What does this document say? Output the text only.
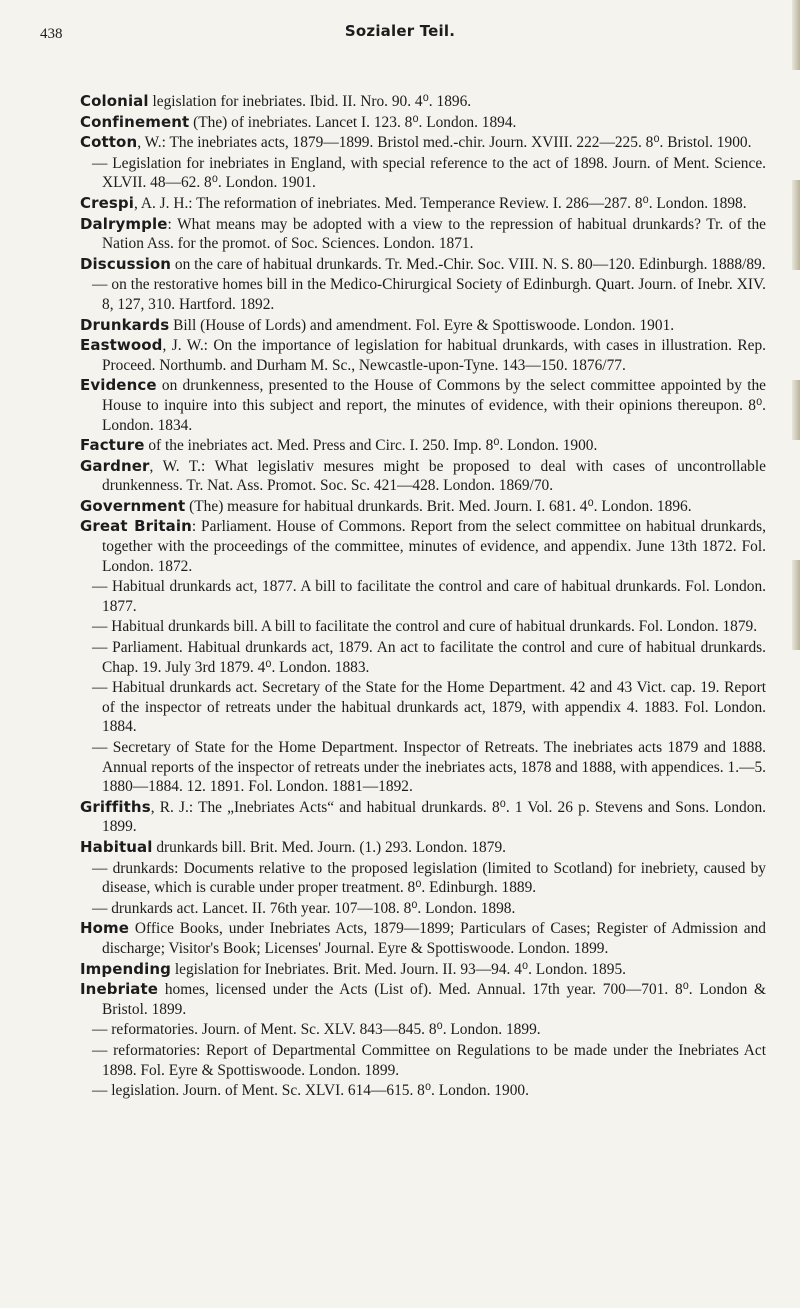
438	Sozialer Teil.
Colonial legislation for inebriates. Ibid. II. Nro. 90. 4⁰. 1896.
Confinement (The) of inebriates. Lancet I. 123. 8⁰. London. 1894.
Cotton, W.: The inebriates acts, 1879—1899. Bristol med.-chir. Journ. XVIII. 222—225. 8⁰. Bristol. 1900.
— Legislation for inebriates in England, with special reference to the act of 1898. Journ. of Ment. Science. XLVII. 48—62. 8⁰. London. 1901.
Crespi, A. J. H.: The reformation of inebriates. Med. Temperance Review. I. 286—287. 8⁰. London. 1898.
Dalrymple: What means may be adopted with a view to the repression of habitual drunkards? Tr. of the Nation Ass. for the promot. of Soc. Sciences. London. 1871.
Discussion on the care of habitual drunkards. Tr. Med.-Chir. Soc. VIII. N. S. 80—120. Edinburgh. 1888/89.
— on the restorative homes bill in the Medico-Chirurgical Society of Edinburgh. Quart. Journ. of Inebr. XIV. 8, 127, 310. Hartford. 1892.
Drunkards Bill (House of Lords) and amendment. Fol. Eyre & Spottiswoode. London. 1901.
Eastwood, J. W.: On the importance of legislation for habitual drunkards, with cases in illustration. Rep. Proceed. Northumb. and Durham M. Sc., Newcastle-upon-Tyne. 143—150. 1876/77.
Evidence on drunkenness, presented to the House of Commons by the select committee appointed by the House to inquire into this subject and report, the minutes of evidence, with their opinions thereupon. 8⁰. London. 1834.
Facture of the inebriates act. Med. Press and Circ. I. 250. Imp. 8⁰. London. 1900.
Gardner, W. T.: What legislativ mesures might be proposed to deal with cases of uncontrollable drunkenness. Tr. Nat. Ass. Promot. Soc. Sc. 421—428. London. 1869/70.
Government (The) measure for habitual drunkards. Brit. Med. Journ. I. 681. 4⁰. London. 1896.
Great Britain: Parliament. House of Commons. Report from the select committee on habitual drunkards, together with the proceedings of the committee, minutes of evidence, and appendix. June 13th 1872. Fol. London. 1872.
— Habitual drunkards act, 1877. A bill to facilitate the control and care of habitual drunkards. Fol. London. 1877.
— Habitual drunkards bill. A bill to facilitate the control and cure of habitual drunkards. Fol. London. 1879.
— Parliament. Habitual drunkards act, 1879. An act to facilitate the control and cure of habitual drunkards. Chap. 19. July 3rd 1879. 4⁰. London. 1883.
— Habitual drunkards act. Secretary of the State for the Home Department. 42 and 43 Vict. cap. 19. Report of the inspector of retreats under the habitual drunkards act, 1879, with appendix 4. 1883. Fol. London. 1884.
— Secretary of State for the Home Department. Inspector of Retreats. The inebriates acts 1879 and 1888. Annual reports of the inspector of retreats under the inebriates acts, 1878 and 1888, with appendices. 1.—5. 1880—1884. 12. 1891. Fol. London. 1881—1892.
Griffiths, R. J.: The „Inebriates Acts“ and habitual drunkards. 8⁰. 1 Vol. 26 p. Stevens and Sons. London. 1899.
Habitual drunkards bill. Brit. Med. Journ. (1.) 293. London. 1879.
— drunkards: Documents relative to the proposed legislation (limited to Scotland) for inebriety, caused by disease, which is curable under proper treatment. 8⁰. Edinburgh. 1889.
— drunkards act. Lancet. II. 76th year. 107—108. 8⁰. London. 1898.
Home Office Books, under Inebriates Acts, 1879—1899; Particulars of Cases; Register of Admission and discharge; Visitor's Book; Licenses' Journal. Eyre & Spottiswoode. London. 1899.
Impending legislation for Inebriates. Brit. Med. Journ. II. 93—94. 4⁰. London. 1895.
Inebriate homes, licensed under the Acts (List of). Med. Annual. 17th year. 700—701. 8⁰. London & Bristol. 1899.
— reformatories. Journ. of Ment. Sc. XLV. 843—845. 8⁰. London. 1899.
— reformatories: Report of Departmental Committee on Regulations to be made under the Inebriates Act 1898. Fol. Eyre & Spottiswoode. London. 1899.
— legislation. Journ. of Ment. Sc. XLVI. 614—615. 8⁰. London. 1900.
